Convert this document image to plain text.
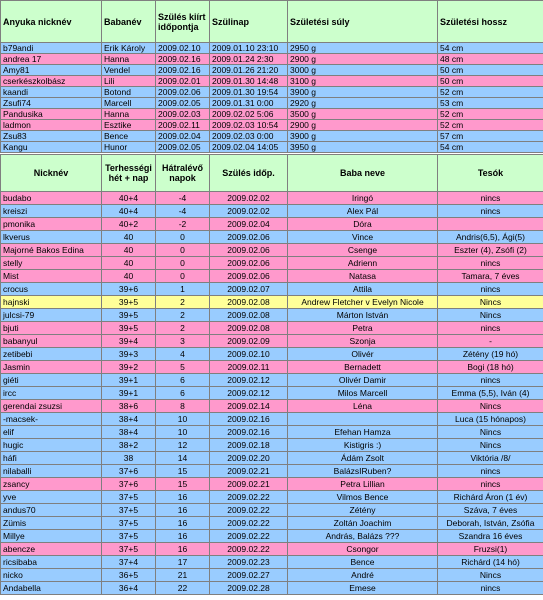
Anyuka nicknév	Babanév	Szülés kiírt időpontja	Szülinap	Születési súly	Születési hossz
b79andi	Erik Károly	2009.02.10	2009.01.10 23:10	2950 g	54 cm
andrea 17	Hanna	2009.02.16	2009.01.24 2:30	2900 g	48 cm
Amy81	Vendel	2009.02.16	2009.01.26 21:20	3000 g	50 cm
cserkészkolbász	Lili	2009.02.01	2009.01.30 14:48	3100 g	50 cm
kaandi	Botond	2009.02.06	2009.01.30 19:54	3900 g	52 cm
Zsufi74	Marcell	2009.02.05	2009.01.31 0:00	2920 g	53 cm
Pandusika	Hanna	2009.02.03	2009.02.02 5:06	3500 g	52 cm
ladmon	Esztike	2009.02.11	2009.02.03 10:54	2900 g	52 cm
Zsu83	Bence	2009.02.04	2009.02.03 0:00	3900 g	57 cm
Kangu	Hunor	2009.02.05	2009.02.04 14:05	3950 g	54 cm
Nicknév	Terhességi hét + nap	Hátralévő napok	Szülés időp.	Baba neve	Tesók
budabo	40+4	-4	2009.02.02	Iringó	nincs
kreiszi	40+4	-4	2009.02.02	Alex Pál	nincs
pmonika	40+2	-2	2009.02.04	Dóra	
lkverus	40	0	2009.02.06	Vince	Andris(6,5), Ági(5)
Majorné Bakos Edina	40	0	2009.02.06	Csenge	Eszter (4), Zsófi (2)
stelly	40	0	2009.02.06	Adrienn	nincs
Mist	40	0	2009.02.06	Natasa	Tamara, 7 éves
crocus	39+6	1	2009.02.07	Attila	nincs
hajnski	39+5	2	2009.02.08	Andrew Fletcher v Evelyn Nicole	Nincs
julcsi-79	39+5	2	2009.02.08	Márton István	Nincs
bjuti	39+5	2	2009.02.08	Petra	nincs
babanyul	39+4	3	2009.02.09	Szonja	-
zetibebi	39+3	4	2009.02.10	Olivér	Zétény (19 hó)
Jasmin	39+2	5	2009.02.11	Bernadett	Bogi (18 hó)
giéti	39+1	6	2009.02.12	Olivér Damir	nincs
ircc	39+1	6	2009.02.12	Milos Marcell	Emma (5,5), Iván (4)
gerendai zsuzsi	38+6	8	2009.02.14	Léna	Nincs
-macsek-	38+4	10	2009.02.16		Luca (15 hónapos)
elif	38+4	10	2009.02.16	Efehan Hamza	Nincs
hugic	38+2	12	2009.02.18	Kistigris :)	Nincs
háfi	38	14	2009.02.20	Ádám Zsolt	Viktória /8/
nilaballi	37+6	15	2009.02.21	BalázsIRuben?	nincs
zsancy	37+6	15	2009.02.21	Petra Lillian	nincs
yve	37+5	16	2009.02.22	Vilmos Bence	Richárd Áron (1 év)
andus70	37+5	16	2009.02.22	Zétény	Száva, 7 éves
Zümis	37+5	16	2009.02.22	Zoltán Joachim	Deborah, István, Zsófia
Millye	37+5	16	2009.02.22	András, Balázs ???	Szandra 16 éves
abencze	37+5	16	2009.02.22	Csongor	Fruzsi(1)
ricsibaba	37+4	17	2009.02.23	Bence	Richárd (14 hó)
nicko	36+5	21	2009.02.27	André	Nincs
Andabella	36+4	22	2009.02.28	Emese	nincs
